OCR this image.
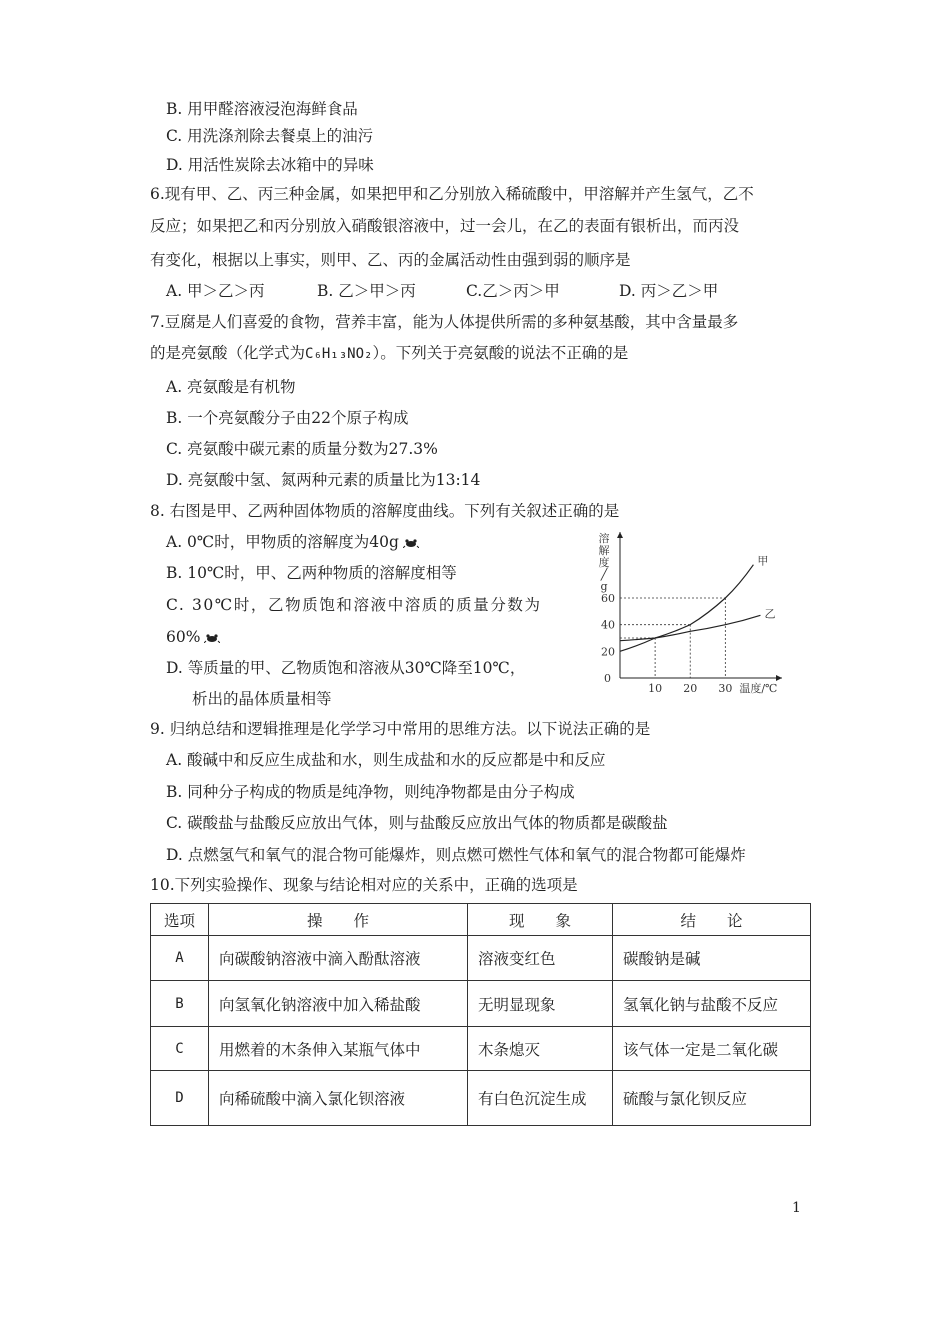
B. 用甲醛溶液浸泡海鲜食品
C. 用洗涤剂除去餐桌上的油污
D. 用活性炭除去冰箱中的异味
6.现有甲、乙、丙三种金属，如果把甲和乙分别放入稀硫酸中，甲溶解并产生氢气，乙不
反应；如果把乙和丙分别放入硝酸银溶液中，过一会儿，在乙的表面有银析出，而丙没
有变化，根据以上事实，则甲、乙、丙的金属活动性由强到弱的顺序是
A. 甲＞乙＞丙	B. 乙＞甲＞丙	C.乙＞丙＞甲	D. 丙＞乙＞甲
7.豆腐是人们喜爱的食物，营养丰富，能为人体提供所需的多种氨基酸，其中含量最多
的是亮氨酸（化学式为C₆H₁₃NO₂）。下列关于亮氨酸的说法不正确的是
A. 亮氨酸是有机物
B. 一个亮氨酸分子由22个原子构成
C. 亮氨酸中碳元素的质量分数为27.3%
D. 亮氨酸中氢、氮两种元素的质量比为13:14
8. 右图是甲、乙两种固体物质的溶解度曲线。下列有关叙述正确的是
A. 0℃时，甲物质的溶解度为40g
B. 10℃时，甲、乙两种物质的溶解度相等
C. 30℃时，乙物质饱和溶液中溶质的质量分数为
60%
D. 等质量的甲、乙物质饱和溶液从30℃降至10℃，
析出的晶体质量相等
溶
解
度
╱
g
20
40
60
0
10 20 30 温度/℃
甲
乙
9. 归纳总结和逻辑推理是化学学习中常用的思维方法。以下说法正确的是
A. 酸碱中和反应生成盐和水，则生成盐和水的反应都是中和反应
B. 同种分子构成的物质是纯净物，则纯净物都是由分子构成
C. 碳酸盐与盐酸反应放出气体，则与盐酸反应放出气体的物质都是碳酸盐
D. 点燃氢气和氧气的混合物可能爆炸，则点燃可燃性气体和氧气的混合物都可能爆炸
10.下列实验操作、现象与结论相对应的关系中，正确的选项是
选项	操　　作	现　　象	结　　论
A	向碳酸钠溶液中滴入酚酞溶液	溶液变红色	碳酸钠是碱
B	向氢氧化钠溶液中加入稀盐酸	无明显现象	氢氧化钠与盐酸不反应
C	用燃着的木条伸入某瓶气体中	木条熄灭	该气体一定是二氧化碳
D	向稀硫酸中滴入氯化钡溶液	有白色沉淀生成	硫酸与氯化钡反应
1
